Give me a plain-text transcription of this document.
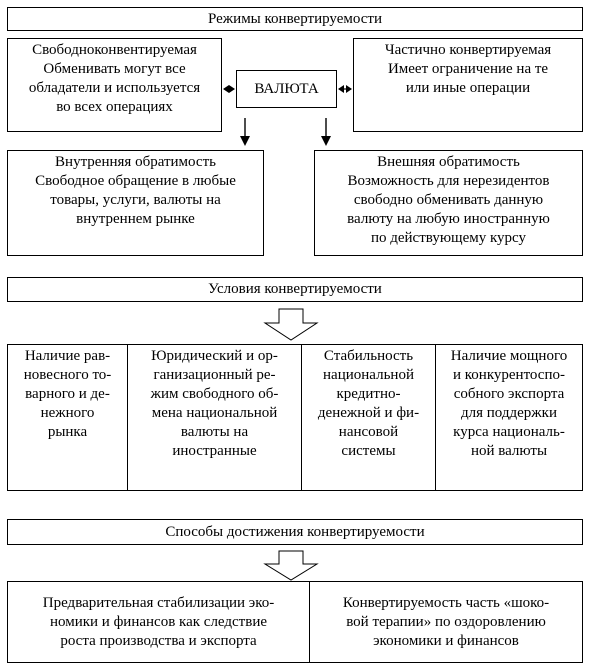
Режимы конвертируемости
Свободноконвентируемая
Обменивать могут все
обладатели и используется
во всех операциях
ВАЛЮТА
Частично конвертируемая
Имеет ограничение на те
или иные операции
Внутренняя обратимость
Свободное обращение в любые
товары, услуги, валюты на
внутреннем рынке
Внешняя обратимость
Возможность для нерезидентов
свободно обменивать данную
валюту на любую иностранную
по действующему курсу
Условия конвертируемости
Наличие рав-
новесного то-
варного и де-
нежного
рынка
Юридический и ор-
ганизационный ре-
жим свободного об-
мена национальной
валюты на
иностранные
Стабильность
национальной
кредитно-
денежной и фи-
нансовой
системы
Наличие мощного
и конкурентоспо-
собного экспорта
для поддержки
курса националь-
ной валюты
Способы достижения конвертируемости
Предварительная стабилизации эко-
номики и финансов как следствие
роста производства и экспорта
Конвертируемость часть «шоко-
вой терапии» по оздоровлению
экономики и финансов
